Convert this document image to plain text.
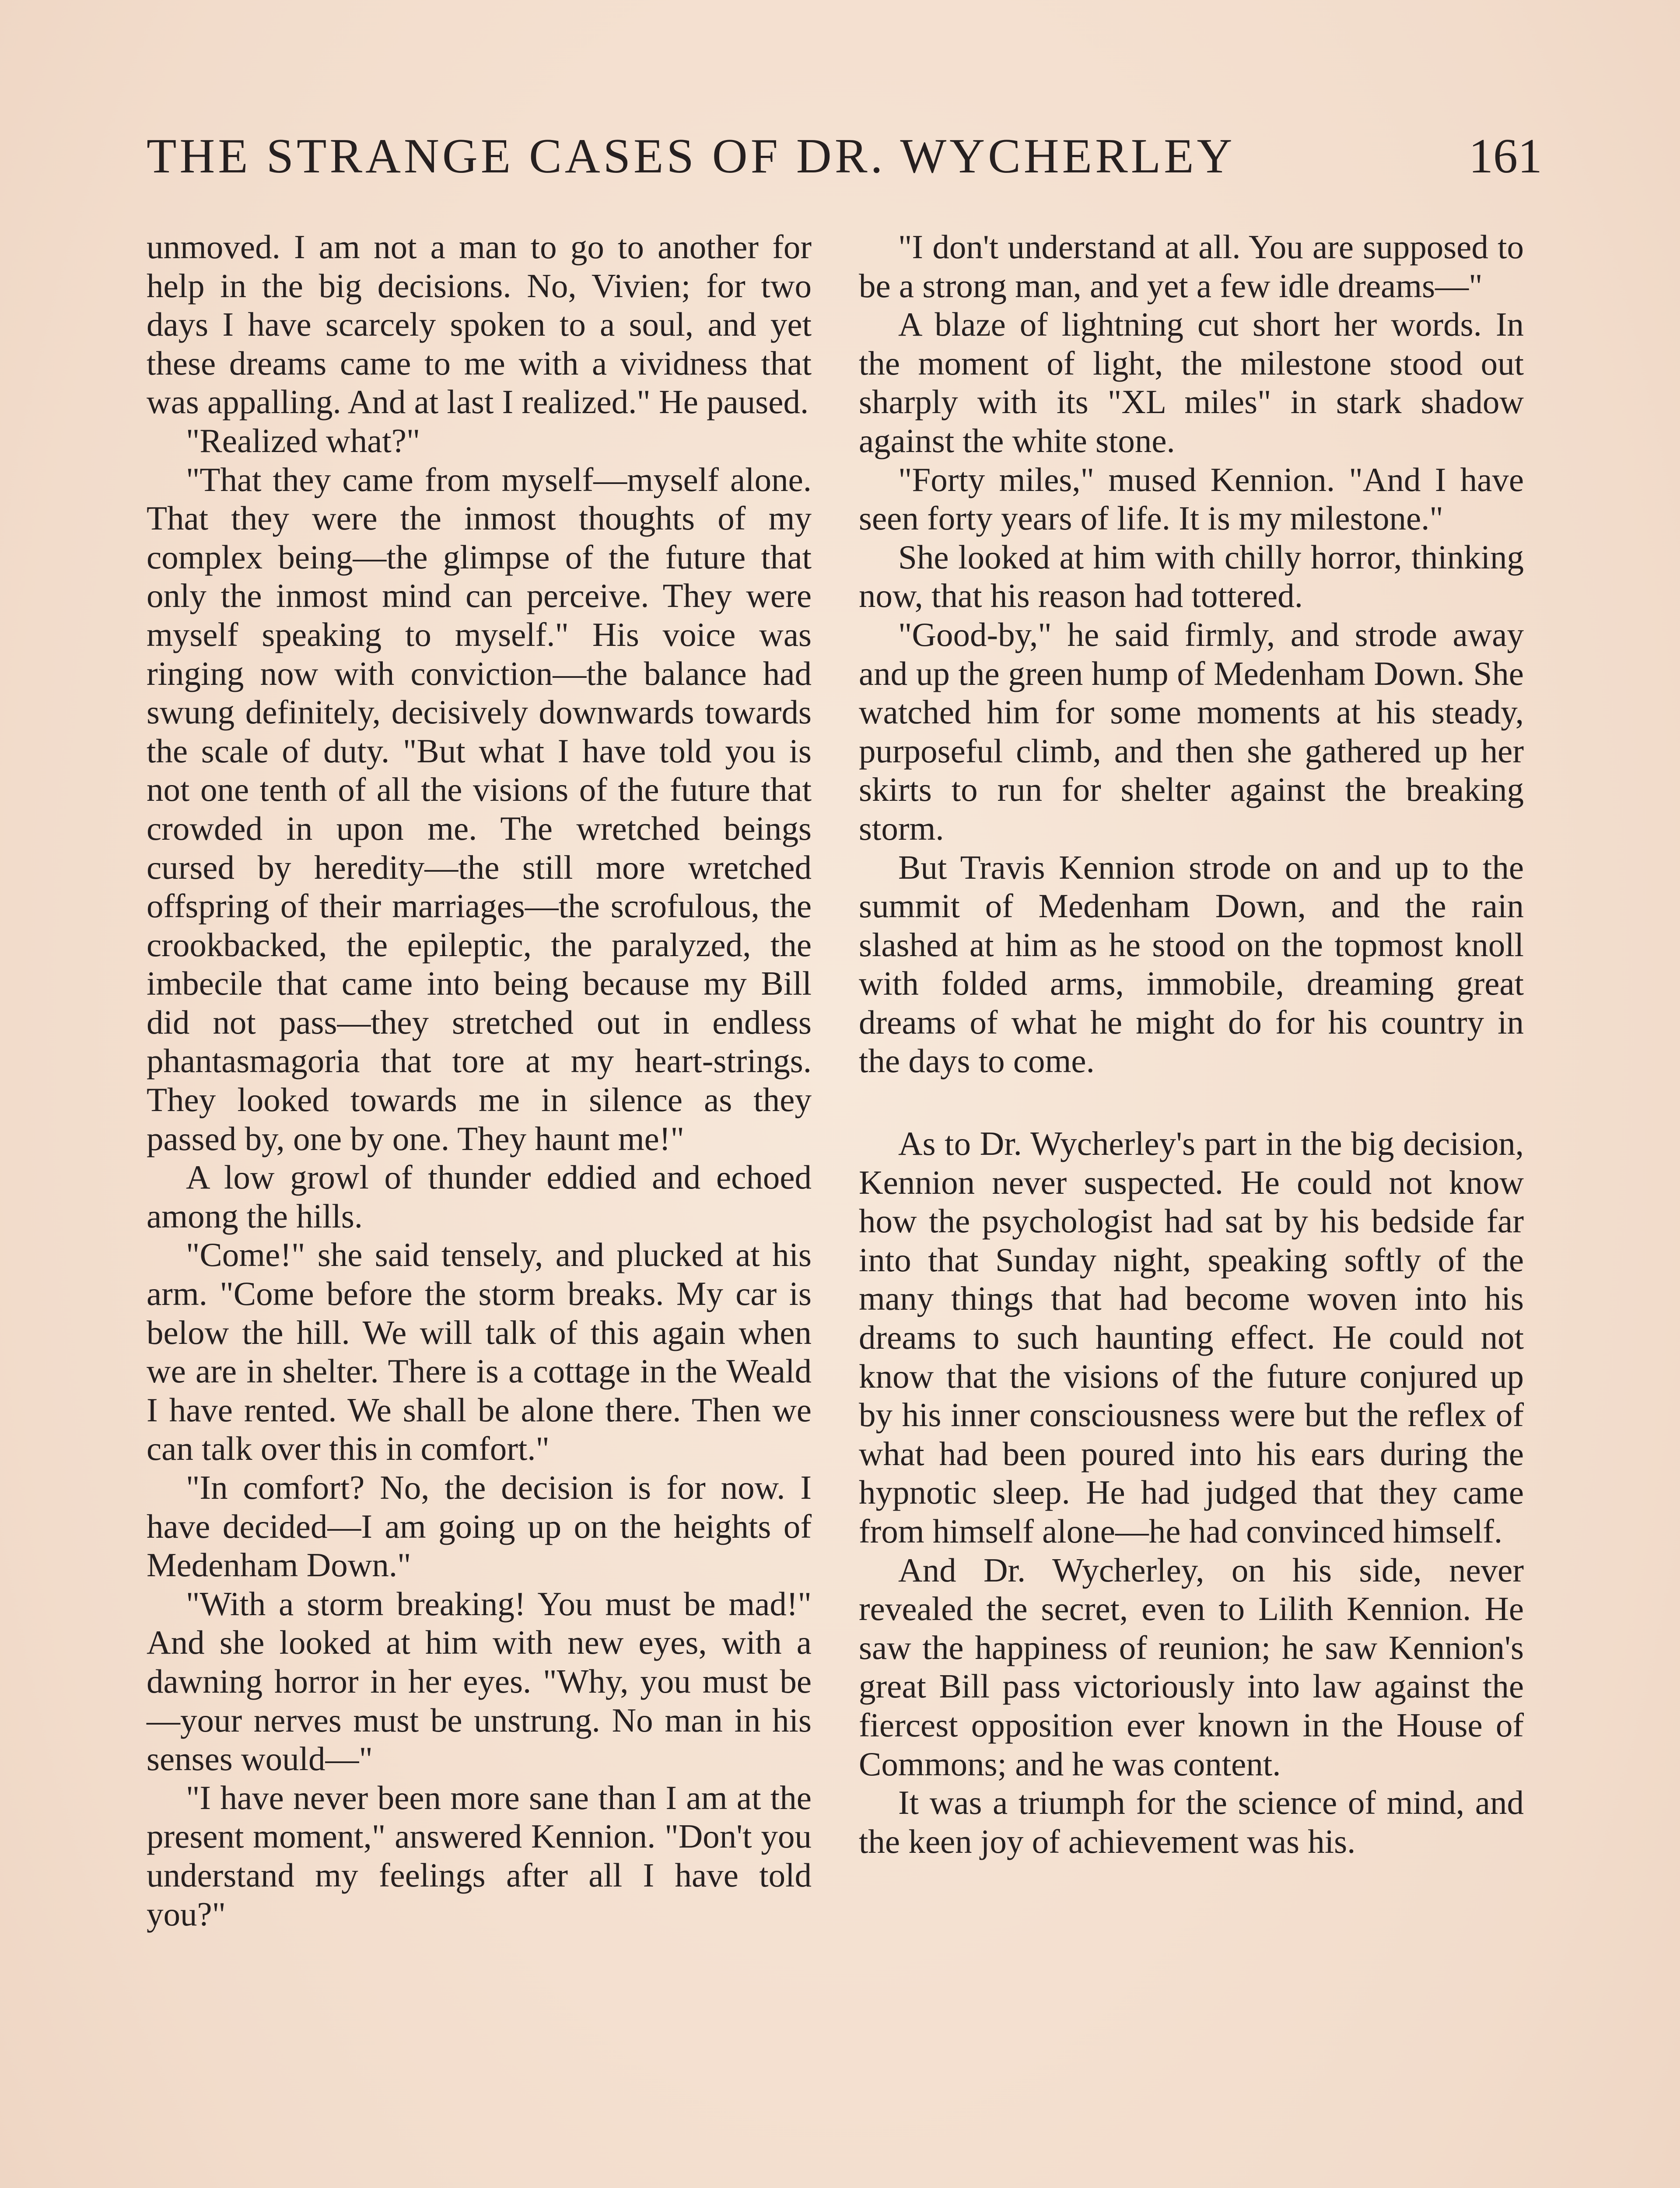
THE STRANGE CASES OF DR. WYCHERLEY	161

unmoved. I am not a man to go to another for help in the big decisions. No, Vivien; for two days I have scarcely spoken to a soul, and yet these dreams came to me with a vividness that was appalling. And at last I realized." He paused.

"Realized what?"

"That they came from myself—myself alone. That they were the inmost thoughts of my complex being—the glimpse of the future that only the inmost mind can perceive. They were myself speaking to myself." His voice was ringing now with conviction—the balance had swung definitely, decisively downwards towards the scale of duty. "But what I have told you is not one tenth of all the visions of the future that crowded in upon me. The wretched beings cursed by heredity—the still more wretched offspring of their marriages—the scrofulous, the crookbacked, the epileptic, the paralyzed, the imbecile that came into being because my Bill did not pass—they stretched out in endless phantasmagoria that tore at my heart-strings. They looked towards me in silence as they passed by, one by one. They haunt me!"

A low growl of thunder eddied and echoed among the hills.

"Come!" she said tensely, and plucked at his arm. "Come before the storm breaks. My car is below the hill. We will talk of this again when we are in shelter. There is a cottage in the Weald I have rented. We shall be alone there. Then we can talk over this in comfort."

"In comfort? No, the decision is for now. I have decided—I am going up on the heights of Medenham Down."

"With a storm breaking! You must be mad!" And she looked at him with new eyes, with a dawning horror in her eyes. "Why, you must be—your nerves must be unstrung. No man in his senses would—"

"I have never been more sane than I am at the present moment," answered Kennion. "Don't you understand my feelings after all I have told you?"

"I don't understand at all. You are supposed to be a strong man, and yet a few idle dreams—"

A blaze of lightning cut short her words. In the moment of light, the milestone stood out sharply with its "XL miles" in stark shadow against the white stone.

"Forty miles," mused Kennion. "And I have seen forty years of life. It is my milestone."

She looked at him with chilly horror, thinking now, that his reason had tottered.

"Good-by," he said firmly, and strode away and up the green hump of Medenham Down. She watched him for some moments at his steady, purposeful climb, and then she gathered up her skirts to run for shelter against the breaking storm.

But Travis Kennion strode on and up to the summit of Medenham Down, and the rain slashed at him as he stood on the topmost knoll with folded arms, immobile, dreaming great dreams of what he might do for his country in the days to come.

As to Dr. Wycherley's part in the big decision, Kennion never suspected. He could not know how the psychologist had sat by his bedside far into that Sunday night, speaking softly of the many things that had become woven into his dreams to such haunting effect. He could not know that the visions of the future conjured up by his inner consciousness were but the reflex of what had been poured into his ears during the hypnotic sleep. He had judged that they came from himself alone—he had convinced himself.

And Dr. Wycherley, on his side, never revealed the secret, even to Lilith Kennion. He saw the happiness of reunion; he saw Kennion's great Bill pass victoriously into law against the fiercest opposition ever known in the House of Commons; and he was content.

It was a triumph for the science of mind, and the keen joy of achievement was his.
